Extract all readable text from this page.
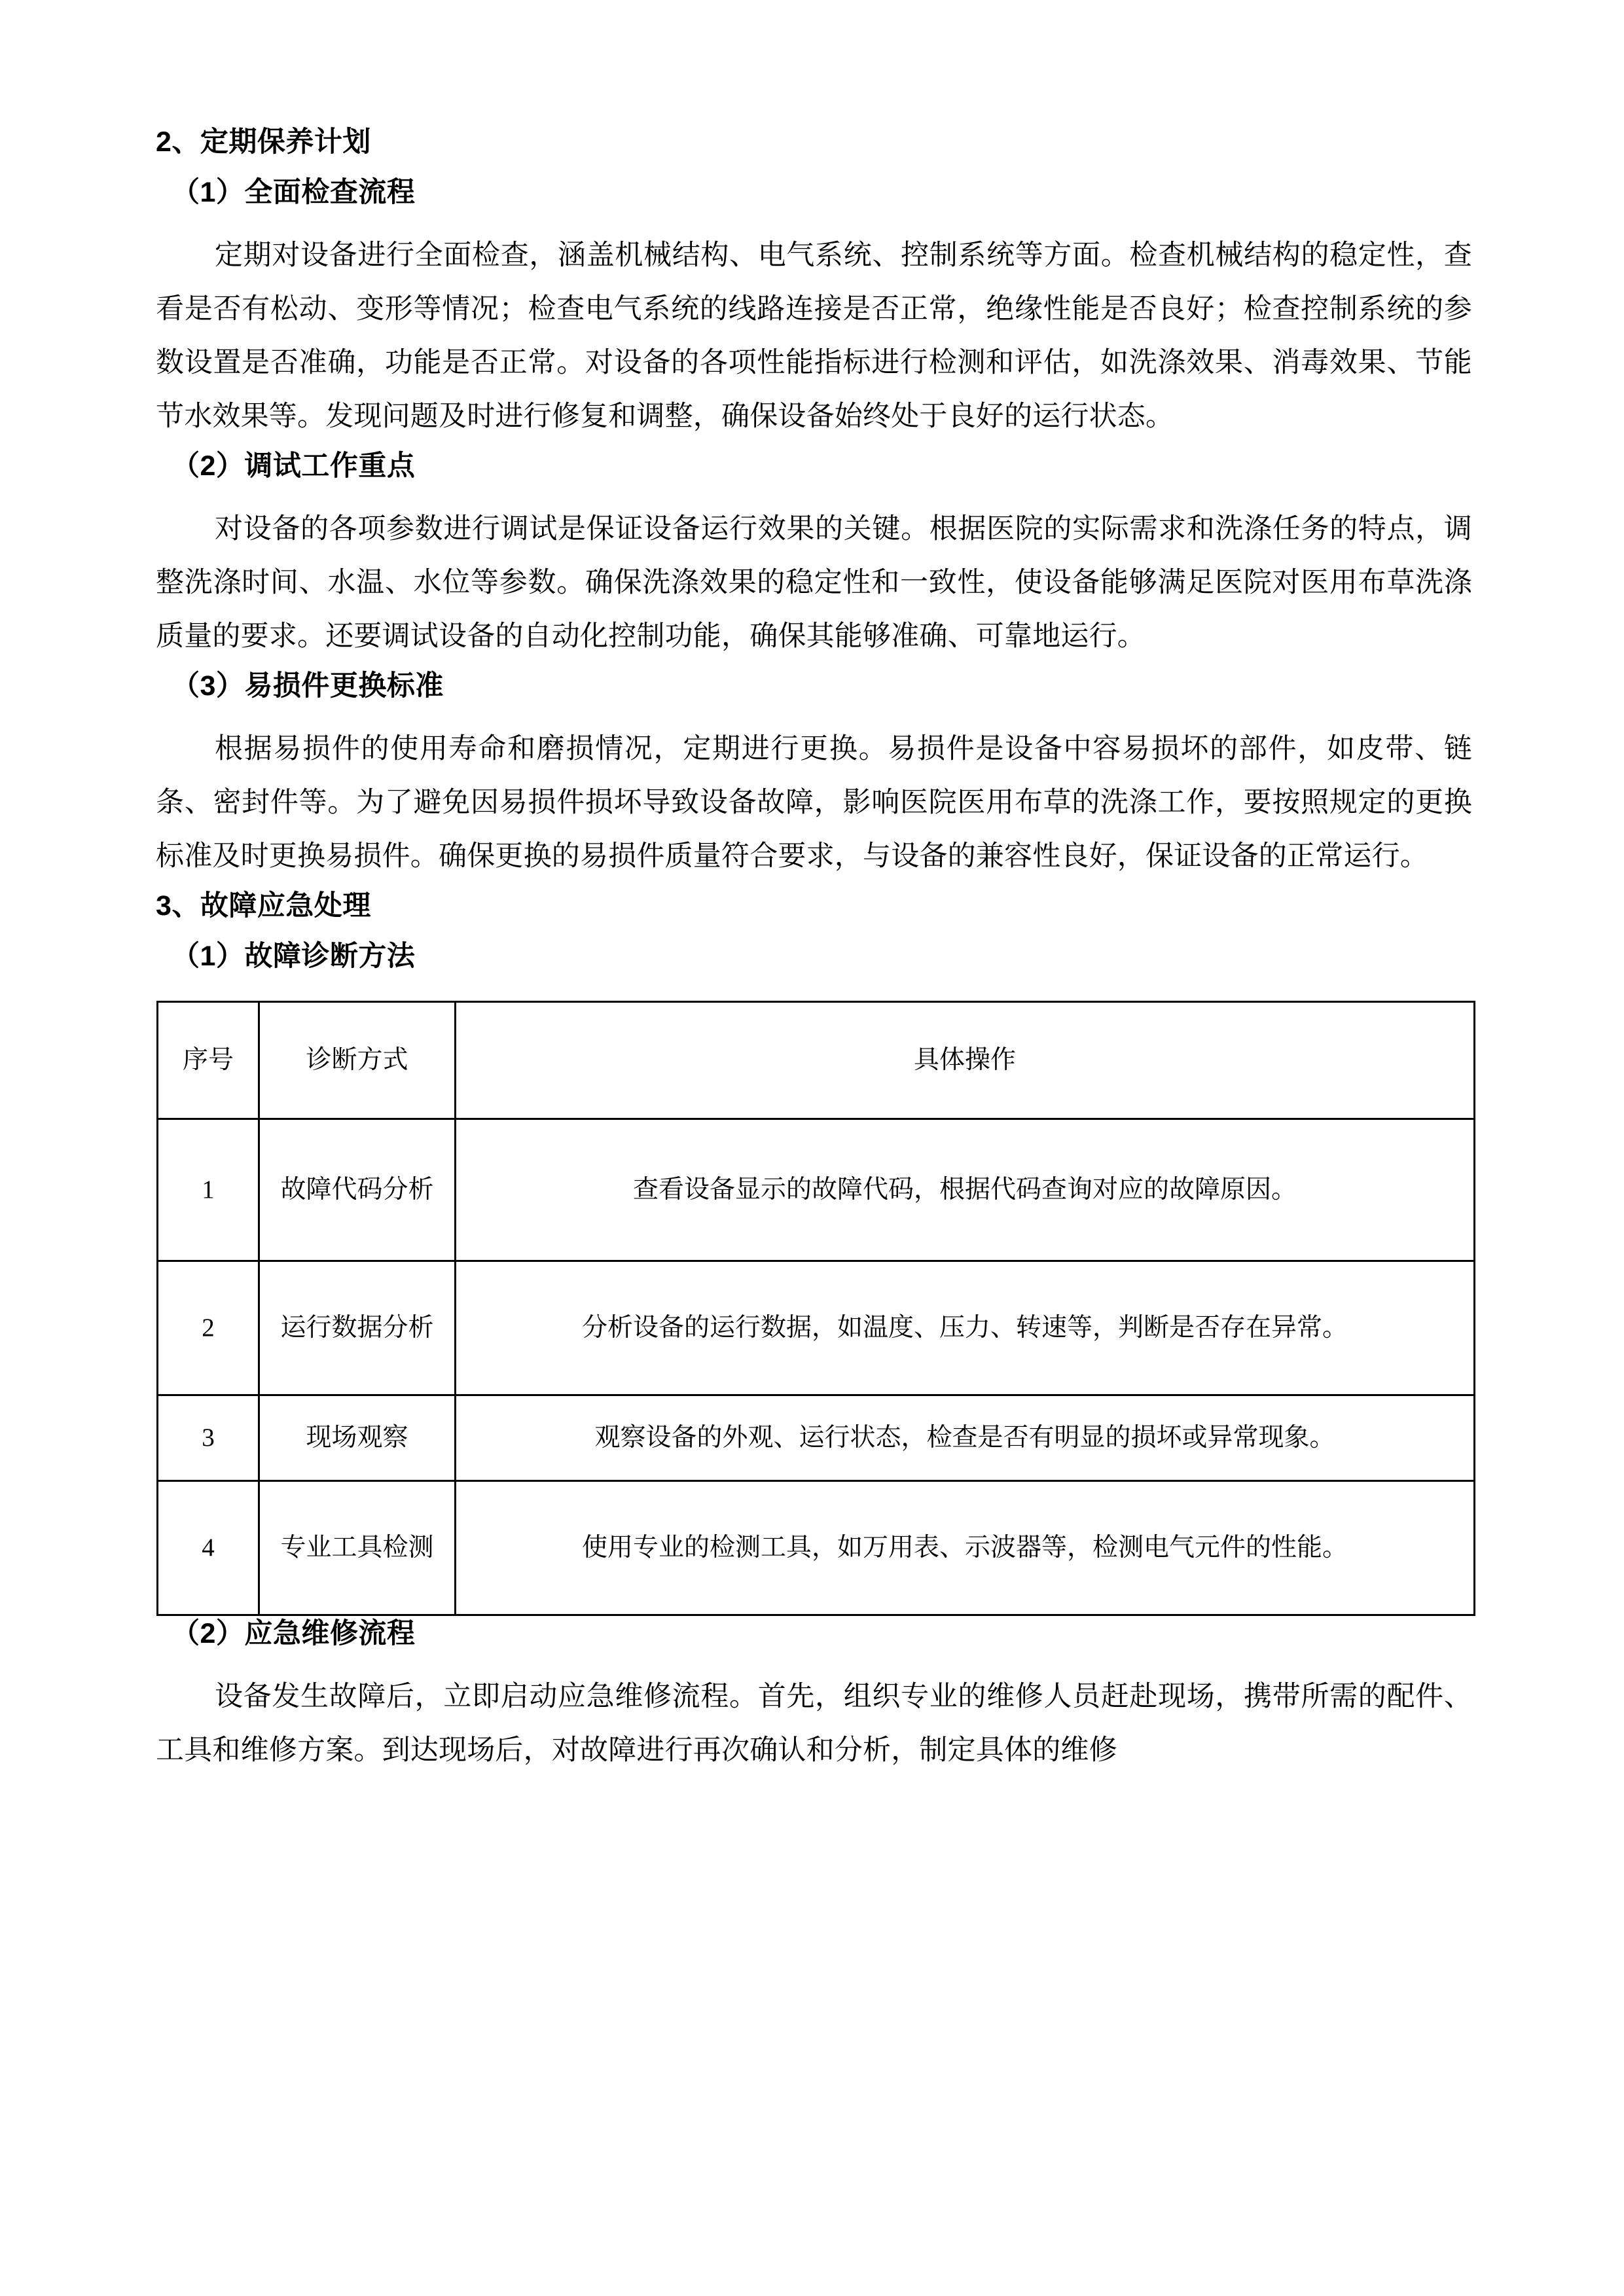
2、定期保养计划
（1）全面检查流程

定期对设备进行全面检查，涵盖机械结构、电气系统、控制系统等方面。检查机械结构的稳定性，查看是否有松动、变形等情况；检查电气系统的线路连接是否正常，绝缘性能是否良好；检查控制系统的参数设置是否准确，功能是否正常。对设备的各项性能指标进行检测和评估，如洗涤效果、消毒效果、节能节水效果等。发现问题及时进行修复和调整，确保设备始终处于良好的运行状态。

（2）调试工作重点

对设备的各项参数进行调试是保证设备运行效果的关键。根据医院的实际需求和洗涤任务的特点，调整洗涤时间、水温、水位等参数。确保洗涤效果的稳定性和一致性，使设备能够满足医院对医用布草洗涤质量的要求。还要调试设备的自动化控制功能，确保其能够准确、可靠地运行。

（3）易损件更换标准

根据易损件的使用寿命和磨损情况，定期进行更换。易损件是设备中容易损坏的部件，如皮带、链条、密封件等。为了避免因易损件损坏导致设备故障，影响医院医用布草的洗涤工作，要按照规定的更换标准及时更换易损件。确保更换的易损件质量符合要求，与设备的兼容性良好，保证设备的正常运行。

3、故障应急处理
（1）故障诊断方法
序号	诊断方式	具体操作
1	故障代码分析	查看设备显示的故障代码，根据代码查询对应的故障原因。
2	运行数据分析	分析设备的运行数据，如温度、压力、转速等，判断是否存在异常。
3	现场观察	观察设备的外观、运行状态，检查是否有明显的损坏或异常现象。
4	专业工具检测	使用专业的检测工具，如万用表、示波器等，检测电气元件的性能。
（2）应急维修流程

设备发生故障后，立即启动应急维修流程。首先，组织专业的维修人员赶赴现场，携带所需的配件、工具和维修方案。到达现场后，对故障进行再次确认和分析，制定具体的维修
